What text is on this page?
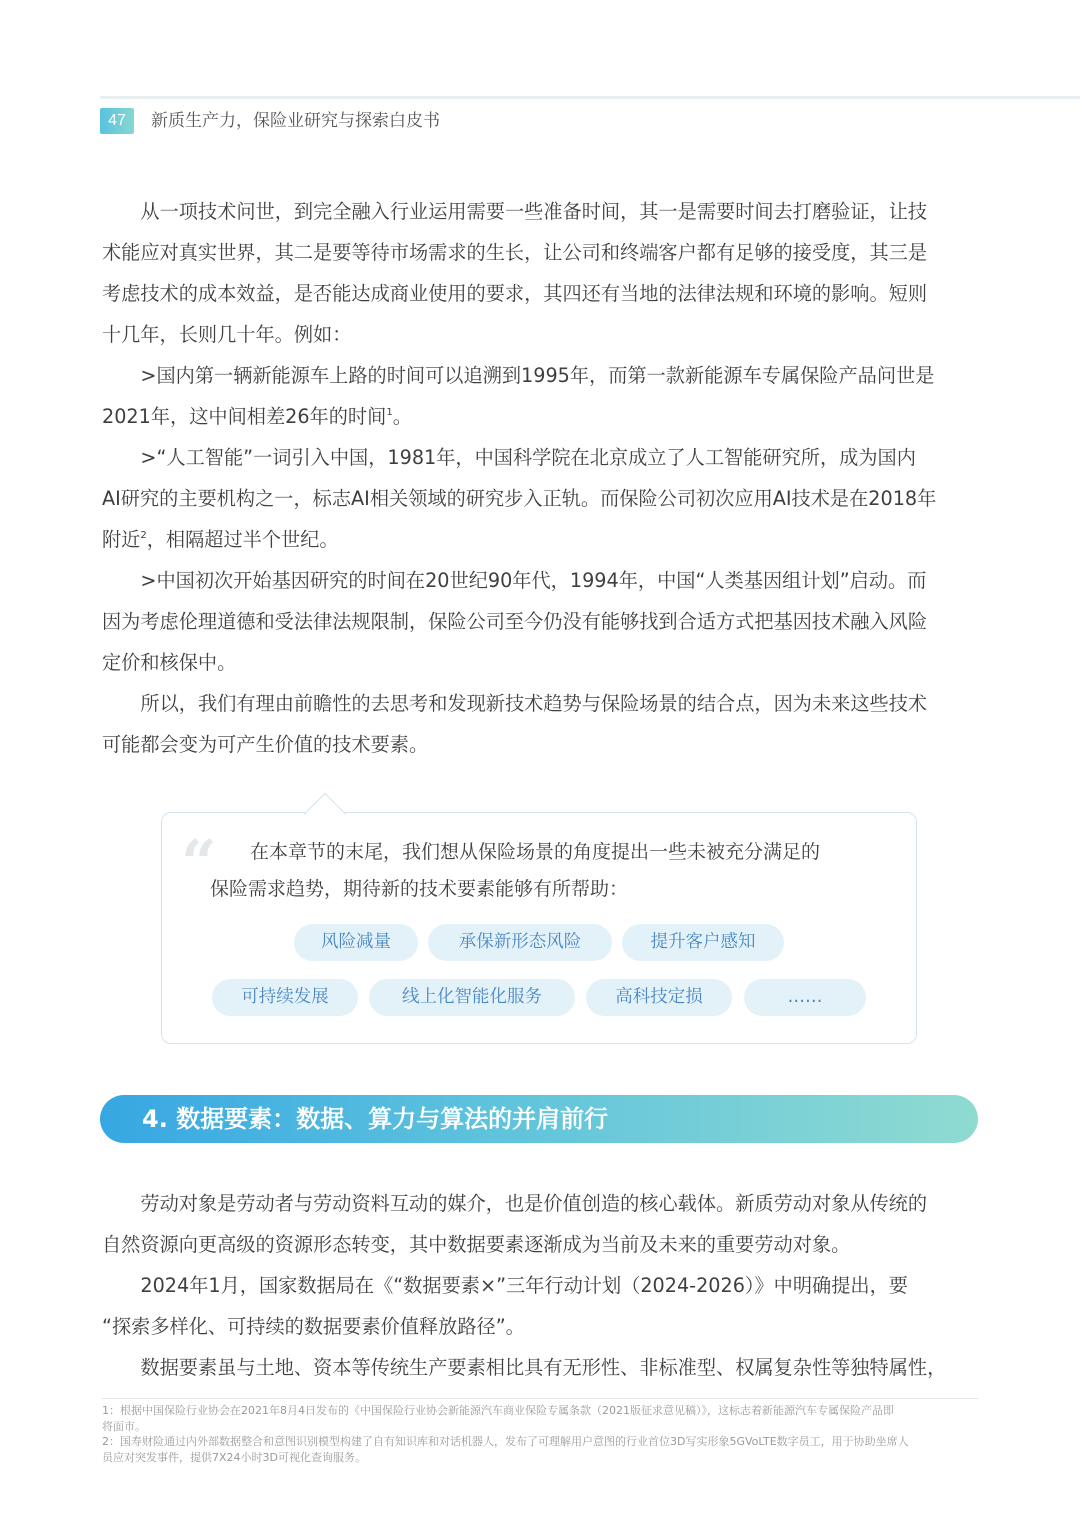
47	新质生产力，保险业研究与探索白皮书

从一项技术问世，到完全融入行业运用需要一些准备时间，其一是需要时间去打磨验证，让技
术能应对真实世界，其二是要等待市场需求的生长，让公司和终端客户都有足够的接受度，其三是
考虑技术的成本效益，是否能达成商业使用的要求，其四还有当地的法律法规和环境的影响。短则
十几年，长则几十年。例如：

>国内第一辆新能源车上路的时间可以追溯到1995年，而第一款新能源车专属保险产品问世是
2021年，这中间相差26年的时间$^1$。

>“人工智能”一词引入中国，1981年，中国科学院在北京成立了人工智能研究所，成为国内
AI研究的主要机构之一，标志AI相关领域的研究步入正轨。而保险公司初次应用AI技术是在2018年
附近$^2$，相隔超过半个世纪。

>中国初次开始基因研究的时间在20世纪90年代，1994年，中国“人类基因组计划”启动。而
因为考虑伦理道德和受法律法规限制，保险公司至今仍没有能够找到合适方式把基因技术融入风险
定价和核保中。

所以，我们有理由前瞻性的去思考和发现新技术趋势与保险场景的结合点，因为未来这些技术
可能都会变为可产生价值的技术要素。

“	在本章节的末尾，我们想从保险场景的角度提出一些未被充分满足的
保险需求趋势，期待新的技术要素能够有所帮助：
风险减量	承保新形态风险	提升客户感知
可持续发展	线上化智能化服务	高科技定损	……
4. 数据要素：数据、算力与算法的并肩前行

劳动对象是劳动者与劳动资料互动的媒介，也是价值创造的核心载体。新质劳动对象从传统的
自然资源向更高级的资源形态转变，其中数据要素逐渐成为当前及未来的重要劳动对象。

2024年1月，国家数据局在《“数据要素×”三年行动计划（2024-2026）》中明确提出，要
“探索多样化、可持续的数据要素价值释放路径”。

数据要素虽与土地、资本等传统生产要素相比具有无形性、非标准型、权属复杂性等独特属性，

1：根据中国保险行业协会在2021年8月4日发布的《中国保险行业协会新能源汽车商业保险专属条款（2021版征求意见稿）》，这标志着新能源汽车专属保险产品即
将面市。
2：国寿财险通过内外部数据整合和意图识别模型构建了自有知识库和对话机器人，发布了可理解用户意图的行业首位3D写实形象5GVoLTE数字员工，用于协助坐席人
员应对突发事件，提供7X24小时3D可视化查询服务。
